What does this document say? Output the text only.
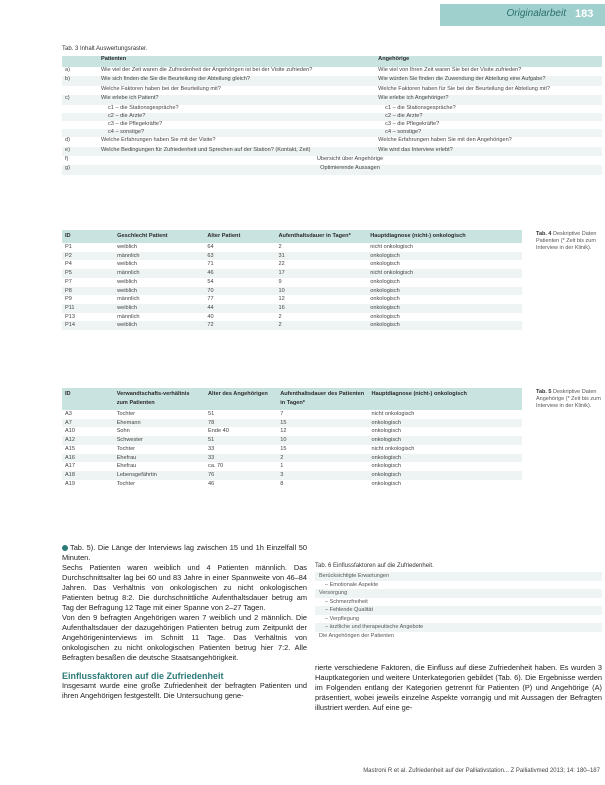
Originalarbeit 183
Tab. 3 Inhalt Auswertungsraster.
	Patienten	Angehörige
a)	Wie viel der Zeit waren die Zufriedenheit der Angehörigen ist bei der Visite zufrieden?	Wie viel von Ihren Zeit waren Sie bei der Visite zufrieden?
b)	Wie sich finden die Sie die Beurteilung der Abteilung gleich?	Wie würden Sie finden die Zuwendung der Abteilung eine Aufgabe?
	Welche Faktoren haben bei der Beurteilung mit?	Welche Faktoren haben für Sie bei der Beurteilung der Abteilung mit?
c)	Wie erlebe ich Patient?	Wie erlebe ich Angehöriger?
	c1 – die Stationsgespräche?	c1 – die Stationsgespräche?
	c2 – die Ärzte?	c2 – die Ärzte?
	c3 – die Pflegekräfte?	c3 – die Pflegekräfte?
	c4 – sonstige?	c4 – sonstige?
d)	Welche Erfahrungen haben Sie mit der Visite?	Welche Erfahrungen haben Sie mit den Angehörigen?
e)	Welche Bedingungen für Zufriedenheit und Sprechen auf der Station? (Kontakt, Zeit)	Wie wird das Interview erlebt?
f)	Übersicht über Angehörige	
g)	Optimierende Aussagen	
ID	Geschlecht Patient	Alter Patient	Aufenthaltsdauer in Tagen*	Hauptdiagnose (nicht-) onkologisch
P1	weiblich	64	2	nicht onkologisch
P2	männlich	63	31	onkologisch
P4	weiblich	71	22	onkologisch
P5	männlich	46	17	nicht onkologisch
P7	weiblich	54	9	onkologisch
P8	weiblich	70	10	onkologisch
P9	männlich	77	12	onkologisch
P11	weiblich	44	16	onkologisch
P13	männlich	40	2	onkologisch
P14	weiblich	72	2	onkologisch
Tab. 4 Deskriptive Daten Patienten (* Zeit bis zum Interview in der Klinik).
ID	Verwandtschafts-verhältnis zum Patienten	Alter des Angehörigen	Aufenthaltsdauer des Patienten in Tagen*	Hauptdiagnose (nicht-) onkologisch
A3	Tochter	51	7	nicht onkologisch
A7	Ehemann	78	15	onkologisch
A10	Sohn	Ende 40	12	onkologisch
A12	Schwester	51	10	onkologisch
A15	Tochter	33	15	nicht onkologisch
A16	Ehefrau	33	2	onkologisch
A17	Ehefrau	ca. 70	1	onkologisch
A18	Lebensgefährtin	76	3	onkologisch
A19	Tochter	46	8	onkologisch
Tab. 5 Deskriptive Daten Angehörige (* Zeit bis zum Interview in der Klinik).
Tab. 5). Die Länge der Interviews lag zwischen 15 und 1h Einzelfall 50 Minuten.
Sechs Patienten waren weiblich und 4 Patienten männlich. Das Durchschnittsalter lag bei 60 und 83 Jahre in einer Spannweite von 46–84 Jahren. Das Verhältnis von onkologischen zu nicht onkologischen Patienten betrug 8:2. Die durchschnittliche Aufenthaltsdauer betrug am Tag der Befragung 12 Tage mit einer Spanne von 2–27 Tagen.
Von den 9 befragten Angehörigen waren 7 weiblich und 2 männlich. Die Aufenthaltsdauer der dazugehörigen Patienten betrug zum Zeitpunkt der Angehörigeninterviews im Schnitt 11 Tage. Das Verhältnis von onkologischen zu nicht onkologischen Patienten betrug hier 7:2. Alle Befragten besaßen die deutsche Staatsangehörigkeit.
Einflussfaktoren auf die Zufriedenheit
Insgesamt wurde eine große Zufriedenheit der befragten Patienten und ihren Angehörigen festgestellt. Die Untersuchung gene-
Tab. 6 Einflussfaktoren auf die Zufriedenheit.
Berücksichtigte Erwartungen
– Emotionale Aspekte
Versorgung
– Schmerzfreiheit
– Fehlende Qualität
– Verpflegung
– ärztliche und therapeutische Angebote
Die Angehörigen der Patienten
rierte verschiedene Faktoren, die Einfluss auf diese Zufriedenheit haben. Es wurden 3 Hauptkategorien und weitere Unterkategorien gebildet (Tab. 6). Die Ergebnisse werden im Folgenden entlang der Kategorien getrennt für Patienten (P) und Angehörige (A) präsentiert, wobei jeweils einzelne Aspekte vorrangig und mit Aussagen der Befragten illustriert werden. Auf eine ge-
Mastroni R et al. Zufriedenheit auf der Palliativstation... Z Palliativmed 2013; 14: 180–187
